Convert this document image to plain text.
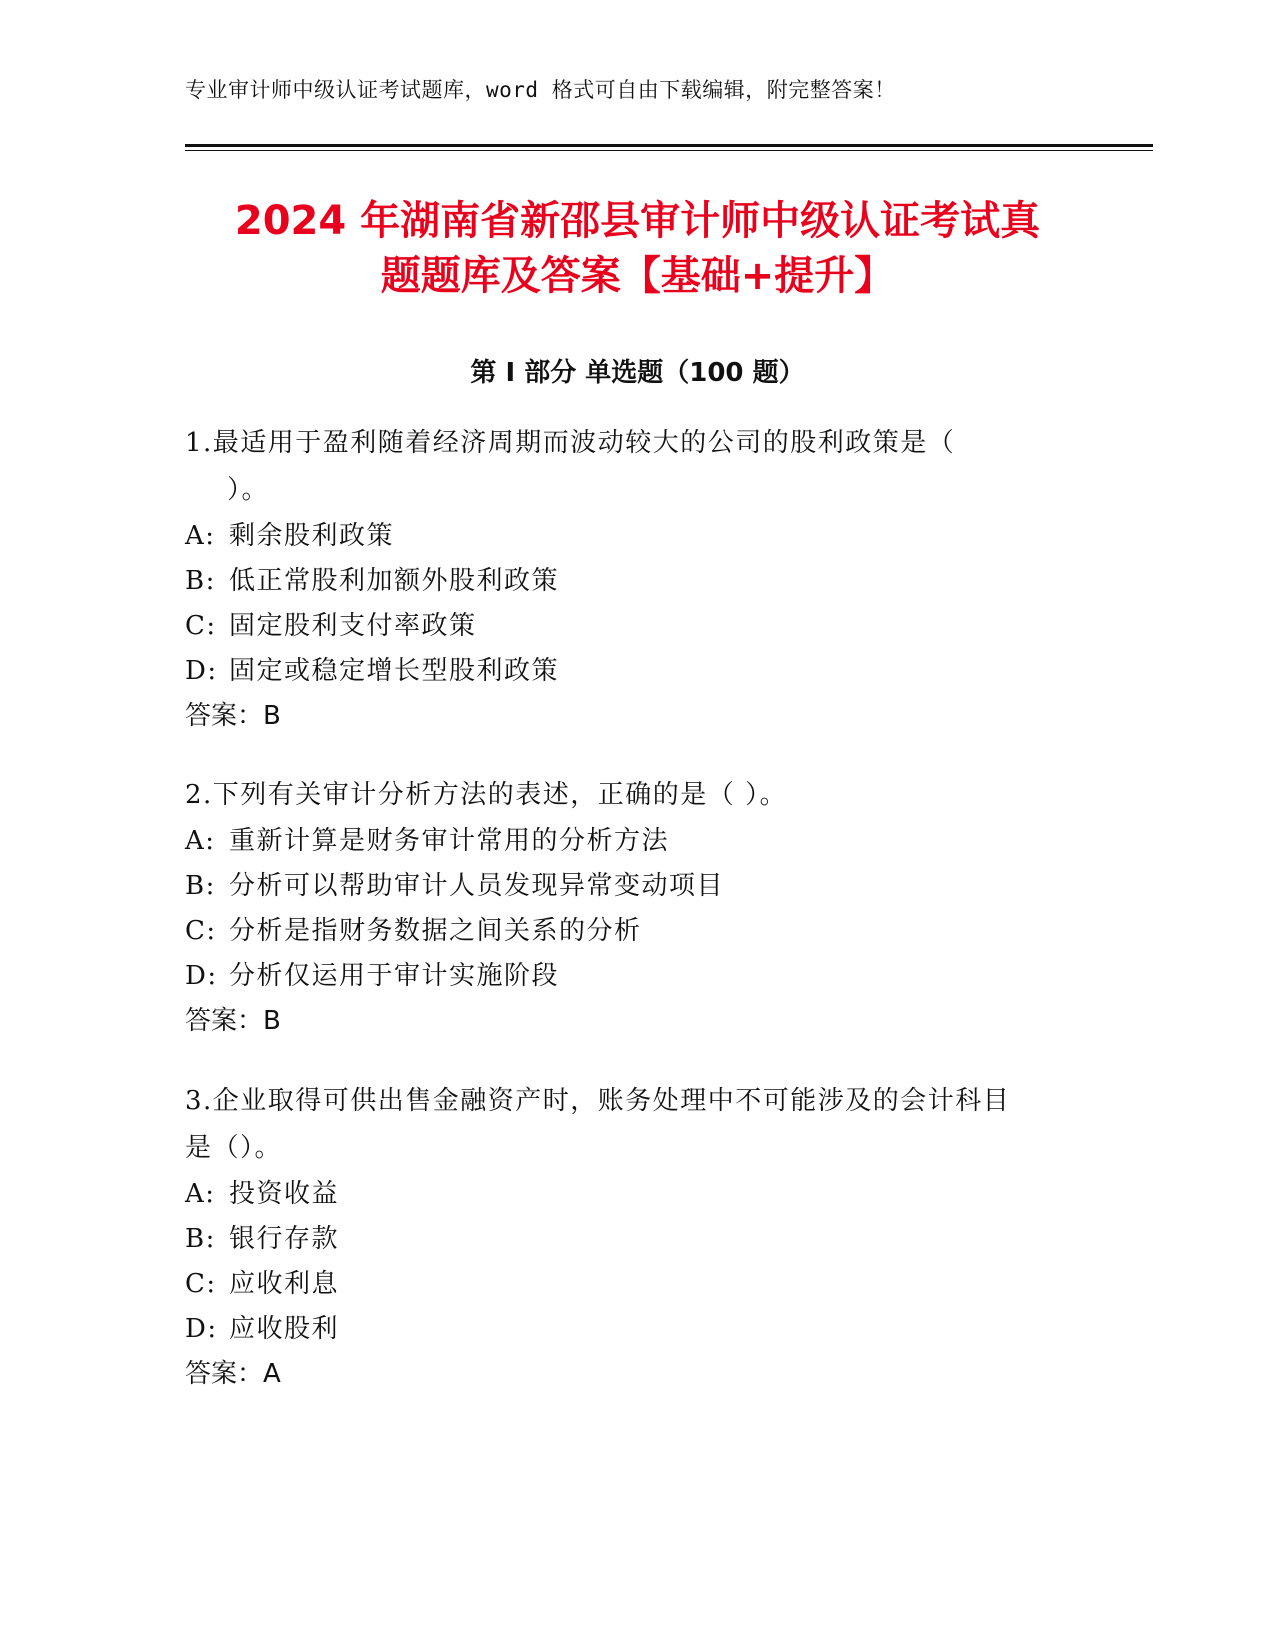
专业审计师中级认证考试题库，word 格式可自由下载编辑，附完整答案！
2024 年湖南省新邵县审计师中级认证考试真
题题库及答案【基础+提升】
第 I 部分 单选题（100 题）
1.最适用于盈利随着经济周期而波动较大的公司的股利政策是（
）。
A: 剩余股利政策
B: 低正常股利加额外股利政策
C: 固定股利支付率政策
D: 固定或稳定增长型股利政策
答案：B
2.下列有关审计分析方法的表述，正确的是（ ）。
A: 重新计算是财务审计常用的分析方法
B: 分析可以帮助审计人员发现异常变动项目
C: 分析是指财务数据之间关系的分析
D: 分析仅运用于审计实施阶段
答案：B
3.企业取得可供出售金融资产时，账务处理中不可能涉及的会计科目
是（）。
A: 投资收益
B: 银行存款
C: 应收利息
D: 应收股利
答案：A
